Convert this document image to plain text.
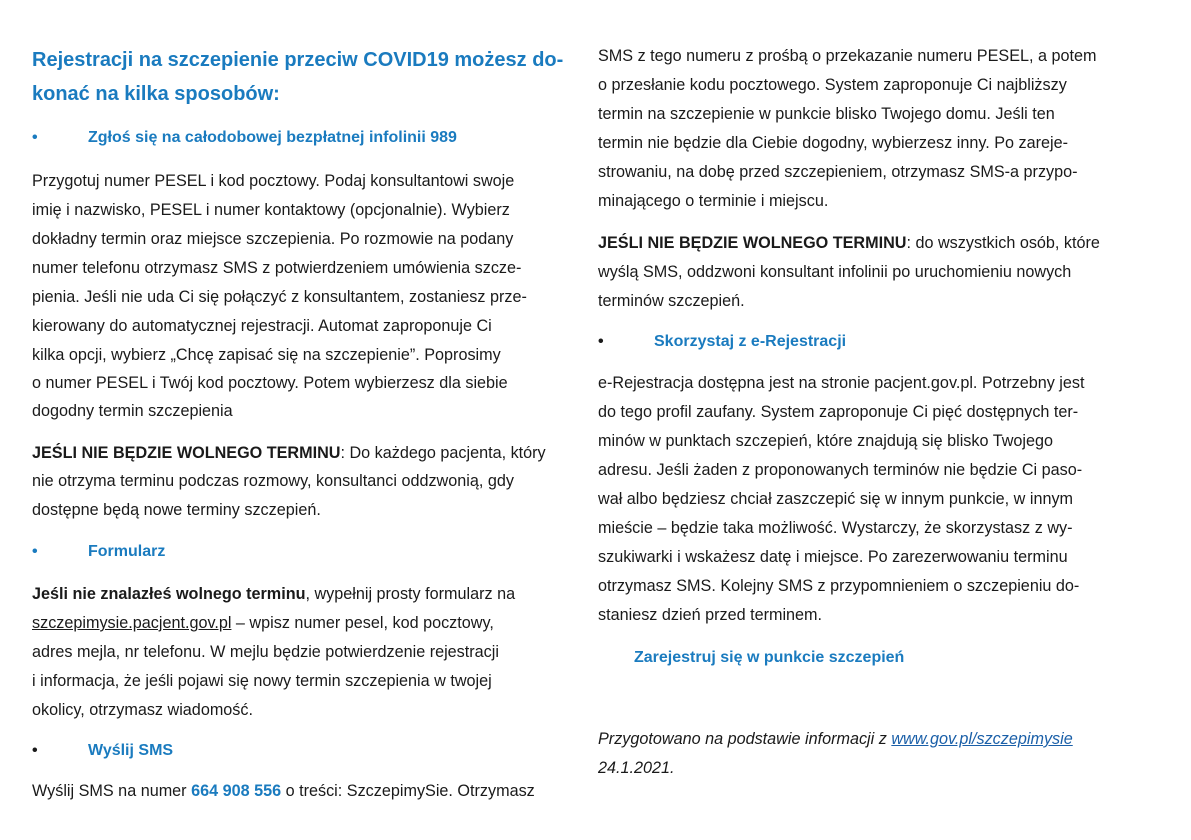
Rejestracji na szczepienie przeciw COVID19 możesz do-
konać na kilka sposobów:
•	Zgłoś się na całodobowej bezpłatnej infolinii 989
Przygotuj numer PESEL i kod pocztowy. Podaj konsultantowi swoje
imię i nazwisko, PESEL i numer kontaktowy (opcjonalnie). Wybierz
dokładny termin oraz miejsce szczepienia. Po rozmowie na podany
numer telefonu otrzymasz SMS z potwierdzeniem umówienia szcze-
pienia. Jeśli nie uda Ci się połączyć z konsultantem, zostaniesz prze-
kierowany do automatycznej rejestracji. Automat zaproponuje Ci
kilka opcji, wybierz „Chcę zapisać się na szczepienie”. Poprosimy
o numer PESEL i Twój kod pocztowy. Potem wybierzesz dla siebie
dogodny termin szczepienia
JEŚLI NIE BĘDZIE WOLNEGO TERMINU: Do każdego pacjenta, który
nie otrzyma terminu podczas rozmowy, konsultanci oddzwonią, gdy
dostępne będą nowe terminy szczepień.
•	Formularz
Jeśli nie znalazłeś wolnego terminu, wypełnij prosty formularz na
szczepimysie.pacjent.gov.pl – wpisz numer pesel, kod pocztowy,
adres mejla, nr telefonu. W mejlu będzie potwierdzenie rejestracji
i informacja, że jeśli pojawi się nowy termin szczepienia w twojej
okolicy, otrzymasz wiadomość.
•	Wyślij SMS
Wyślij SMS na numer 664 908 556 o treści: SzczepimySie. Otrzymasz
SMS z tego numeru z prośbą o przekazanie numeru PESEL, a potem
o przesłanie kodu pocztowego. System zaproponuje Ci najbliższy
termin na szczepienie w punkcie blisko Twojego domu. Jeśli ten
termin nie będzie dla Ciebie dogodny, wybierzesz inny. Po zareje-
strowaniu, na dobę przed szczepieniem, otrzymasz SMS-a przypo-
minającego o terminie i miejscu.
JEŚLI NIE BĘDZIE WOLNEGO TERMINU: do wszystkich osób, które
wyślą SMS, oddzwoni konsultant infolinii po uruchomieniu nowych
terminów szczepień.
•	Skorzystaj z e-Rejestracji
e-Rejestracja dostępna jest na stronie pacjent.gov.pl. Potrzebny jest
do tego profil zaufany. System zaproponuje Ci pięć dostępnych ter-
minów w punktach szczepień, które znajdują się blisko Twojego
adresu. Jeśli żaden z proponowanych terminów nie będzie Ci paso-
wał albo będziesz chciał zaszczepić się w innym punkcie, w innym
mieście – będzie taka możliwość. Wystarczy, że skorzystasz z wy-
szukiwarki i wskażesz datę i miejsce. Po zarezerwowaniu terminu
otrzymasz SMS. Kolejny SMS z przypomnieniem o szczepieniu do-
staniesz dzień przed terminem.
Zarejestruj się w punkcie szczepień
Przygotowano na podstawie informacji z www.gov.pl/szczepimysie
24.1.2021.
